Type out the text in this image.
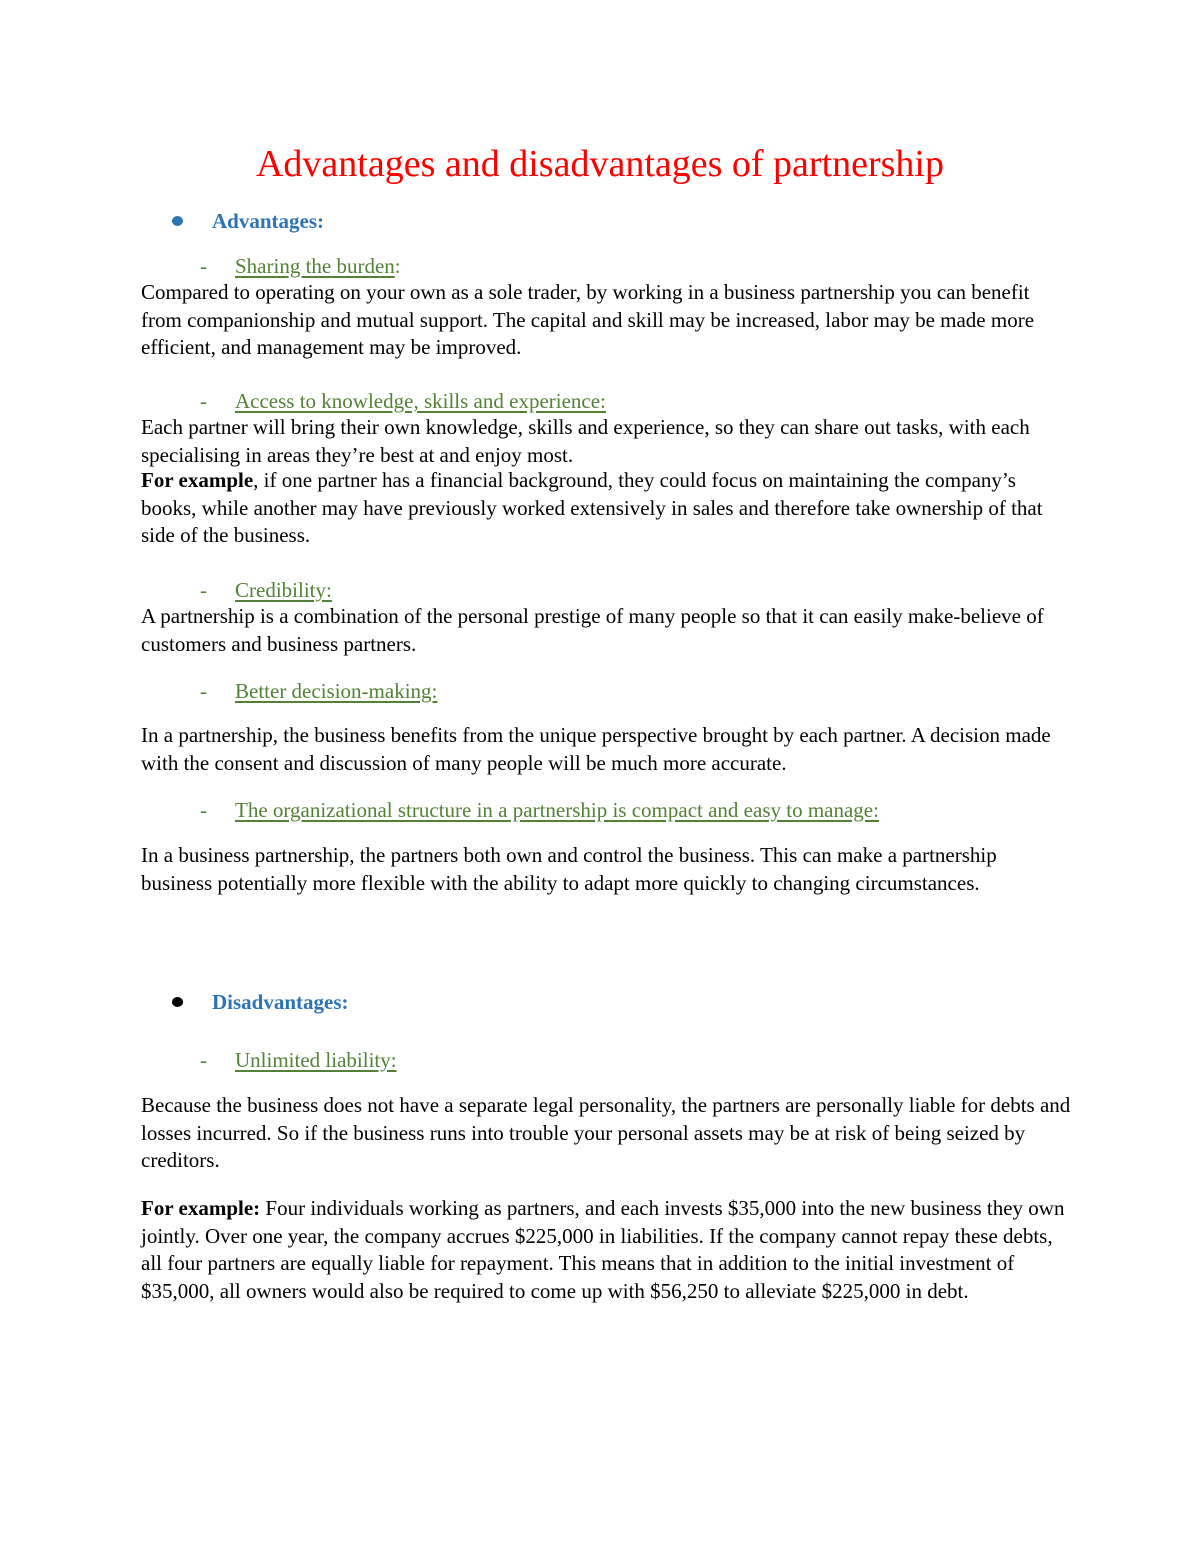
Advantages and disadvantages of partnership
Advantages:
-	Sharing the burden :

Compared to operating on your own as a sole trader, by working in a business partnership you can benefit from companionship and mutual support. The capital and skill may be increased, labor may be made more efficient, and management may be improved.

-	Access to knowledge, skills and experience:

Each partner will bring their own knowledge, skills and experience, so they can share out tasks, with each specialising in areas they’re best at and enjoy most.

For example, if one partner has a financial background, they could focus on maintaining the company’s books, while another may have previously worked extensively in sales and therefore take ownership of that side of the business.

-	Credibility:

A partnership is a combination of the personal prestige of many people so that it can easily make-believe of customers and business partners.

-	Better decision-making:

In a partnership, the business benefits from the unique perspective brought by each partner. A decision made with the consent and discussion of many people will be much more accurate.

-	The organizational structure in a partnership is compact and easy to manage:

In a business partnership, the partners both own and control the business. This can make a partnership business potentially more flexible with the ability to adapt more quickly to changing circumstances.

Disadvantages:
-	Unlimited liability:

Because the business does not have a separate legal personality, the partners are personally liable for debts and losses incurred. So if the business runs into trouble your personal assets may be at risk of being seized by creditors.

For example: Four individuals working as partners, and each invests $35,000 into the new business they own jointly. Over one year, the company accrues $225,000 in liabilities. If the company cannot repay these debts, all four partners are equally liable for repayment. This means that in addition to the initial investment of $35,000, all owners would also be required to come up with $56,250 to alleviate $225,000 in debt.
